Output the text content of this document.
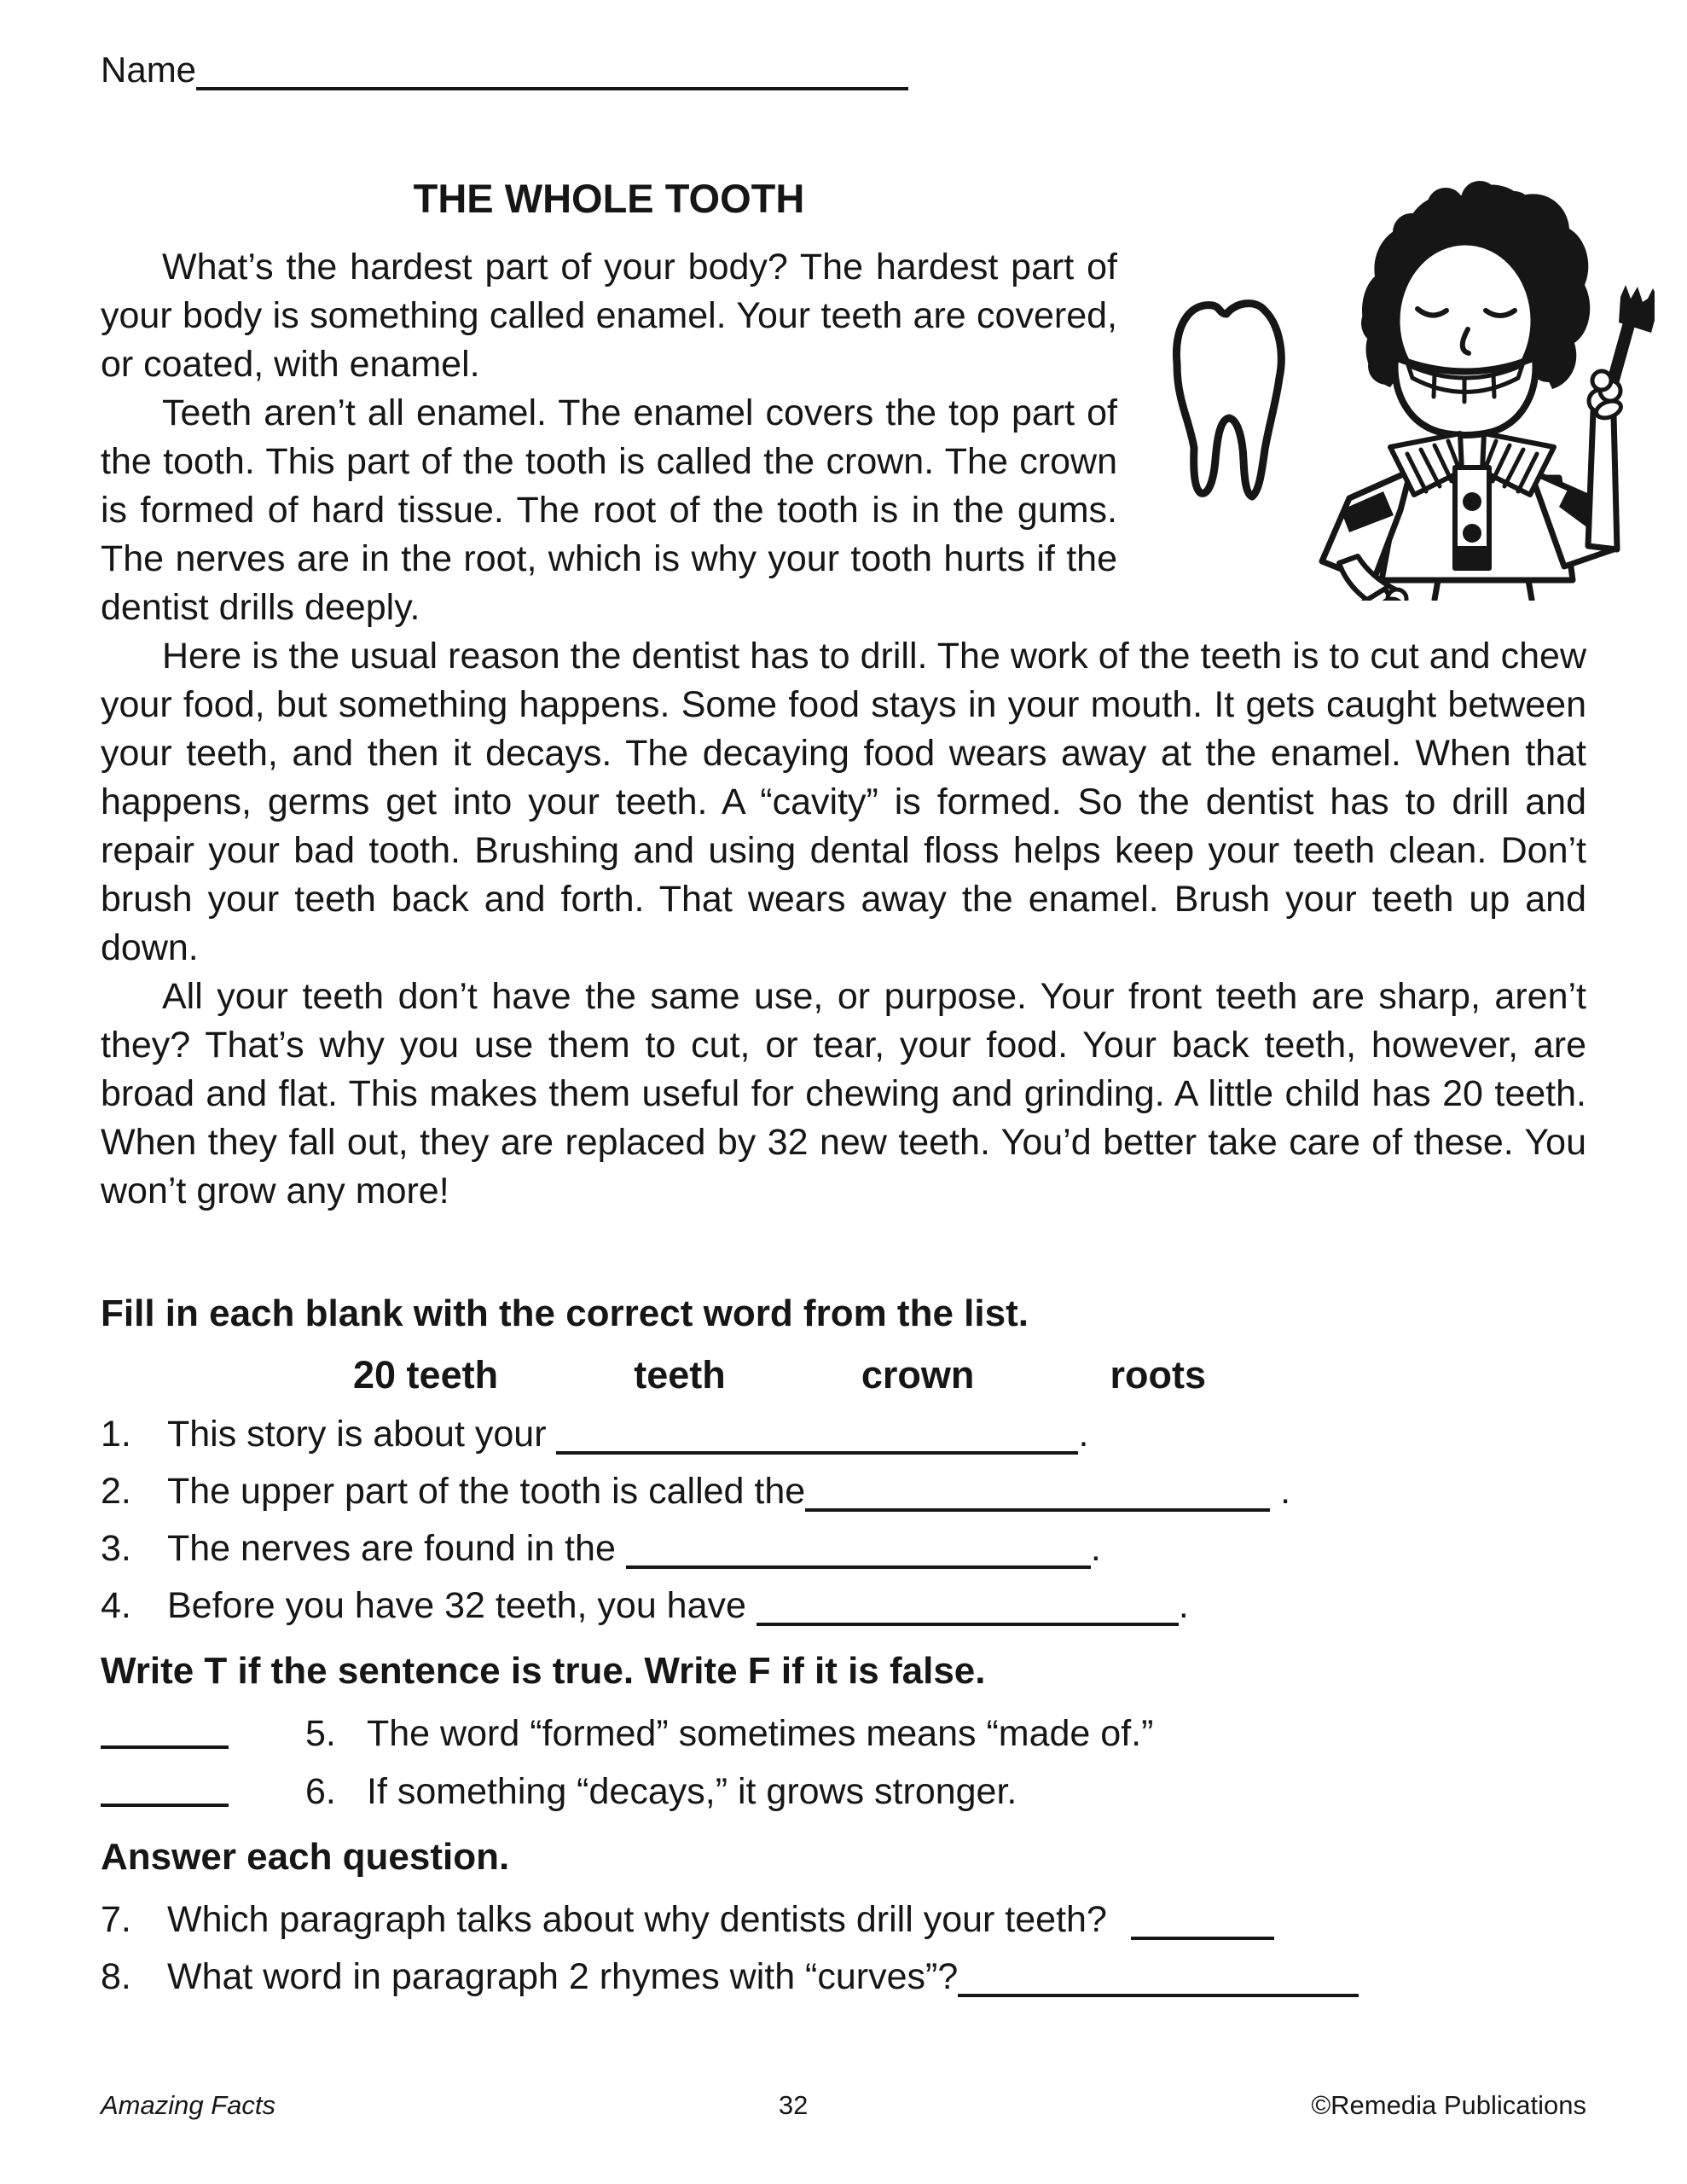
Name
THE WHOLE TOOTH

What’s the hardest part of your body? The hardest part of your body is something called enamel. Your teeth are covered, or coated, with enamel.

Teeth aren’t all enamel. The enamel covers the top part of the tooth. This part of the tooth is called the crown. The crown is formed of hard tissue. The root of the tooth is in the gums. The nerves are in the root, which is why your tooth hurts if the dentist drills deeply.

Here is the usual reason the dentist has to drill. The work of the teeth is to cut and chew your food, but something happens. Some food stays in your mouth. It gets caught between your teeth, and then it decays. The decaying food wears away at the enamel. When that happens, germs get into your teeth. A “cavity” is formed. So the dentist has to drill and repair your bad tooth. Brushing and using dental floss helps keep your teeth clean. Don’t brush your teeth back and forth. That wears away the enamel. Brush your teeth up and down.

All your teeth don’t have the same use, or purpose. Your front teeth are sharp, aren’t they? That’s why you use them to cut, or tear, your food. Your back teeth, however, are broad and flat. This makes them useful for chewing and grinding. A little child has 20 teeth. When they fall out, they are replaced by 32 new teeth. You’d better take care of these. You won’t grow any more!

Fill in each blank with the correct word from the list.
20 teeth	teeth	crown	roots
1. This story is about your	.
2. The upper part of the tooth is called the	.
3. The nerves are found in the	.
4. Before you have 32 teeth, you have	.
Write T if the sentence is true. Write F if it is false.
5. The word “formed” sometimes means “made of.”
6. If something “decays,” it grows stronger.
Answer each question.
7. Which paragraph talks about why dentists drill your teeth?
8. What word in paragraph 2 rhymes with “curves”?
Amazing Facts	32	©Remedia Publications
